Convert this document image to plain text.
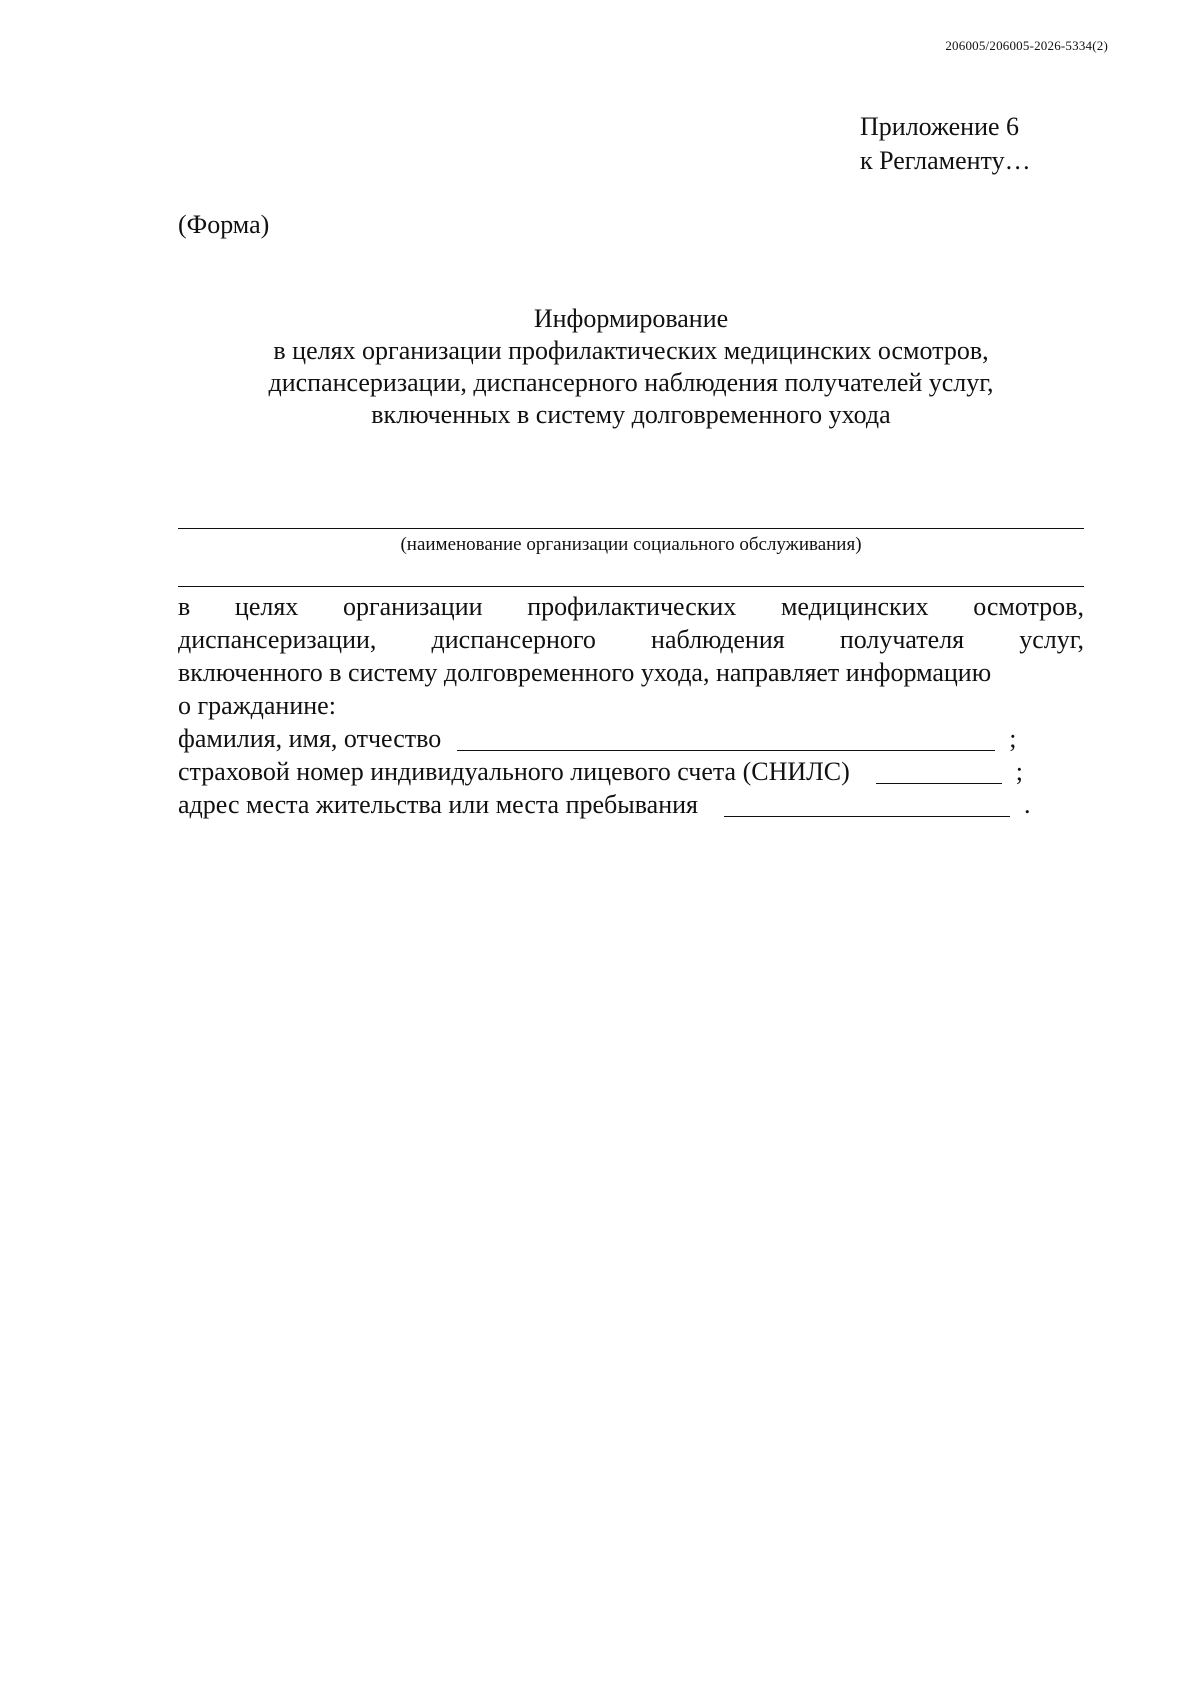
206005/206005-2026-5334(2)
Приложение 6
к Регламенту…
(Форма)
Информирование
в целях организации профилактических медицинских осмотров,
диспансеризации, диспансерного наблюдения получателей услуг,
включенных в систему долговременного ухода
(наименование организации социального обслуживания)
в целях организации профилактических медицинских осмотров,
диспансеризации, диспансерного наблюдения получателя услуг,
включенного в систему долговременного ухода, направляет информацию
о гражданине:
фамилия, имя, отчество	;
страховой номер индивидуального лицевого счета (СНИЛС)	;
адрес места жительства или места пребывания	.
